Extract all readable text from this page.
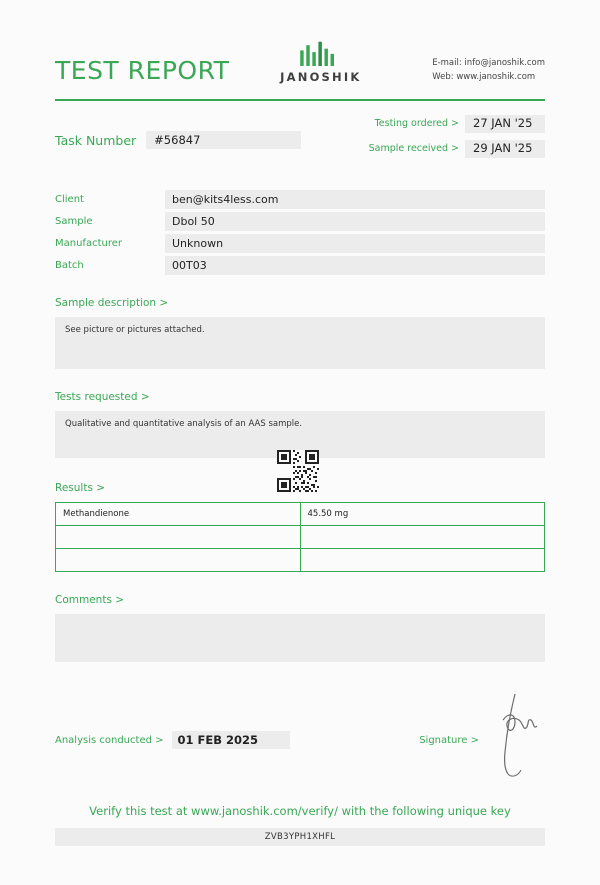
TEST REPORT	JANOSHIK
E-mail: info@janoshik.com
Web: www.janoshik.com
Task Number	#56847
Testing ordered >	27 JAN '25
Sample received >	29 JAN '25
Client	ben@kits4less.com
Sample	Dbol 50
Manufacturer	Unknown
Batch	00T03
Sample description >
See picture or pictures attached.
Tests requested >
Qualitative and quantitative analysis of an AAS sample.
Results >
Methandienone	45.50 mg

Comments >
Analysis conducted >	01 FEB 2025	Signature >
Verify this test at www.janoshik.com/verify/ with the following unique key
ZVB3YPH1XHFL
